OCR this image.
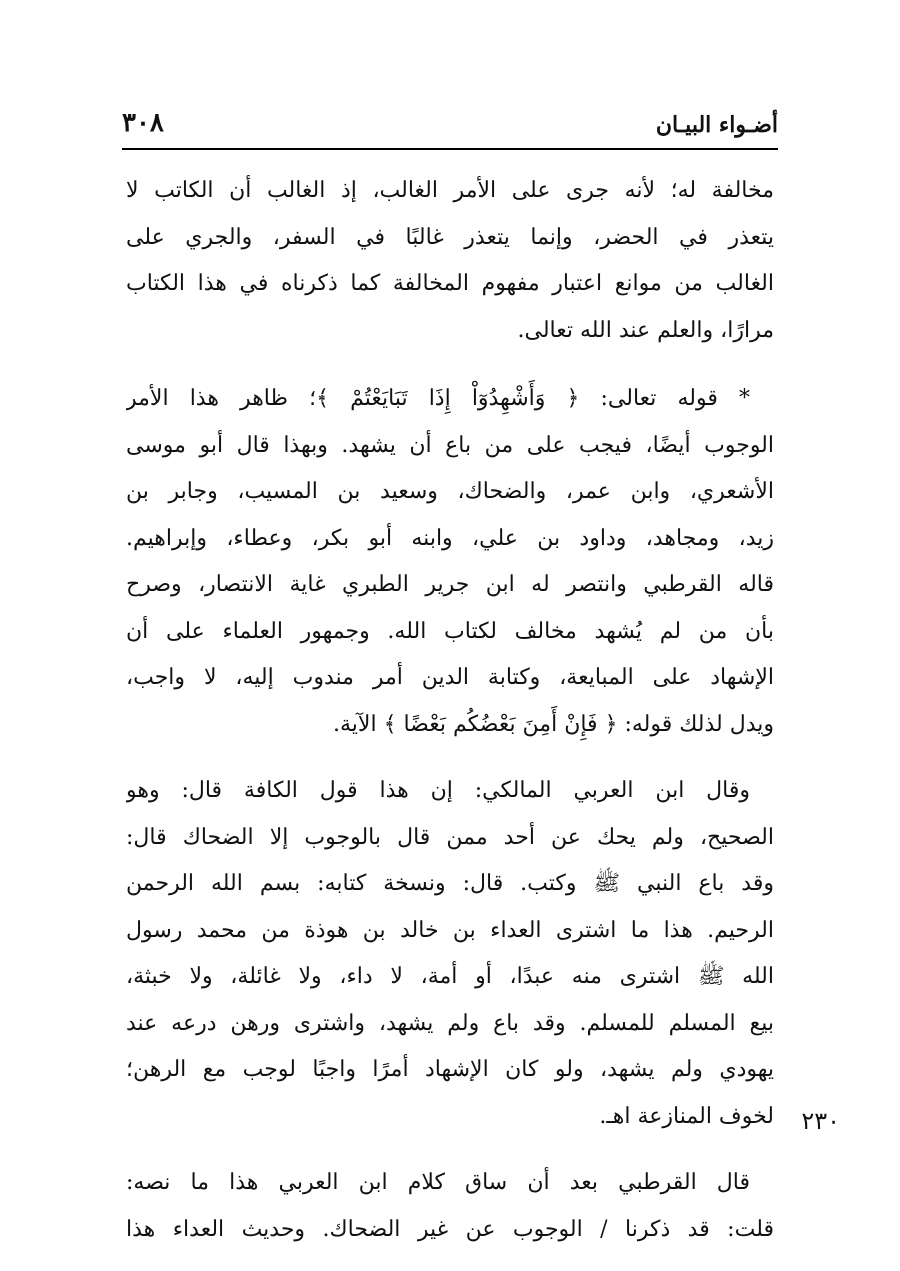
أضـواء البيـان
٣٠٨
مخالفة له؛ لأنه جرى على الأمر الغالب، إذ الغالب أن الكاتب لا
يتعذر في الحضر، وإنما يتعذر غالبًا في السفر، والجري على
الغالب من موانع اعتبار مفهوم المخالفة كما ذكرناه في هذا الكتاب
مرارًا، والعلم عند الله تعالى.
* قوله تعالى: ﴿ وَأَشْهِدُوٓاْ إِذَا تَبَايَعْتُمْ ﴾؛ ظاهر هذا الأمر
الوجوب أيضًا، فيجب على من باع أن يشهد. وبهذا قال أبو موسى
الأشعري، وابن عمر، والضحاك، وسعيد بن المسيب، وجابر بن
زيد، ومجاهد، وداود بن علي، وابنه أبو بكر، وعطاء، وإبراهيم.
قاله القرطبي وانتصر له ابن جرير الطبري غاية الانتصار، وصرح
بأن من لم يُشهد مخالف لكتاب الله. وجمهور العلماء على أن
الإشهاد على المبايعة، وكتابة الدين أمر مندوب إليه، لا واجب،
ويدل لذلك قوله: ﴿ فَإِنْ أَمِنَ بَعْضُكُم بَعْضًا ﴾ الآية.
وقال ابن العربي المالكي: إن هذا قول الكافة قال: وهو
الصحيح، ولم يحك عن أحد ممن قال بالوجوب إلا الضحاك قال:
وقد باع النبي ﷺ وكتب. قال: ونسخة كتابه: بسم الله الرحمن
الرحيم. هذا ما اشترى العداء بن خالد بن هوذة من محمد رسول
الله ﷺ اشترى منه عبدًا، أو أمة، لا داء، ولا غائلة، ولا خبثة،
بيع المسلم للمسلم. وقد باع ولم يشهد، واشترى ورهن درعه عند
يهودي ولم يشهد، ولو كان الإشهاد أمرًا واجبًا لوجب مع الرهن؛
لخوف المنازعة اهـ.
قال القرطبي بعد أن ساق كلام ابن العربي هذا ما نصه:
قلت: قد ذكرنا / الوجوب عن غير الضحاك. وحديث العداء هذا
٢٣٠
